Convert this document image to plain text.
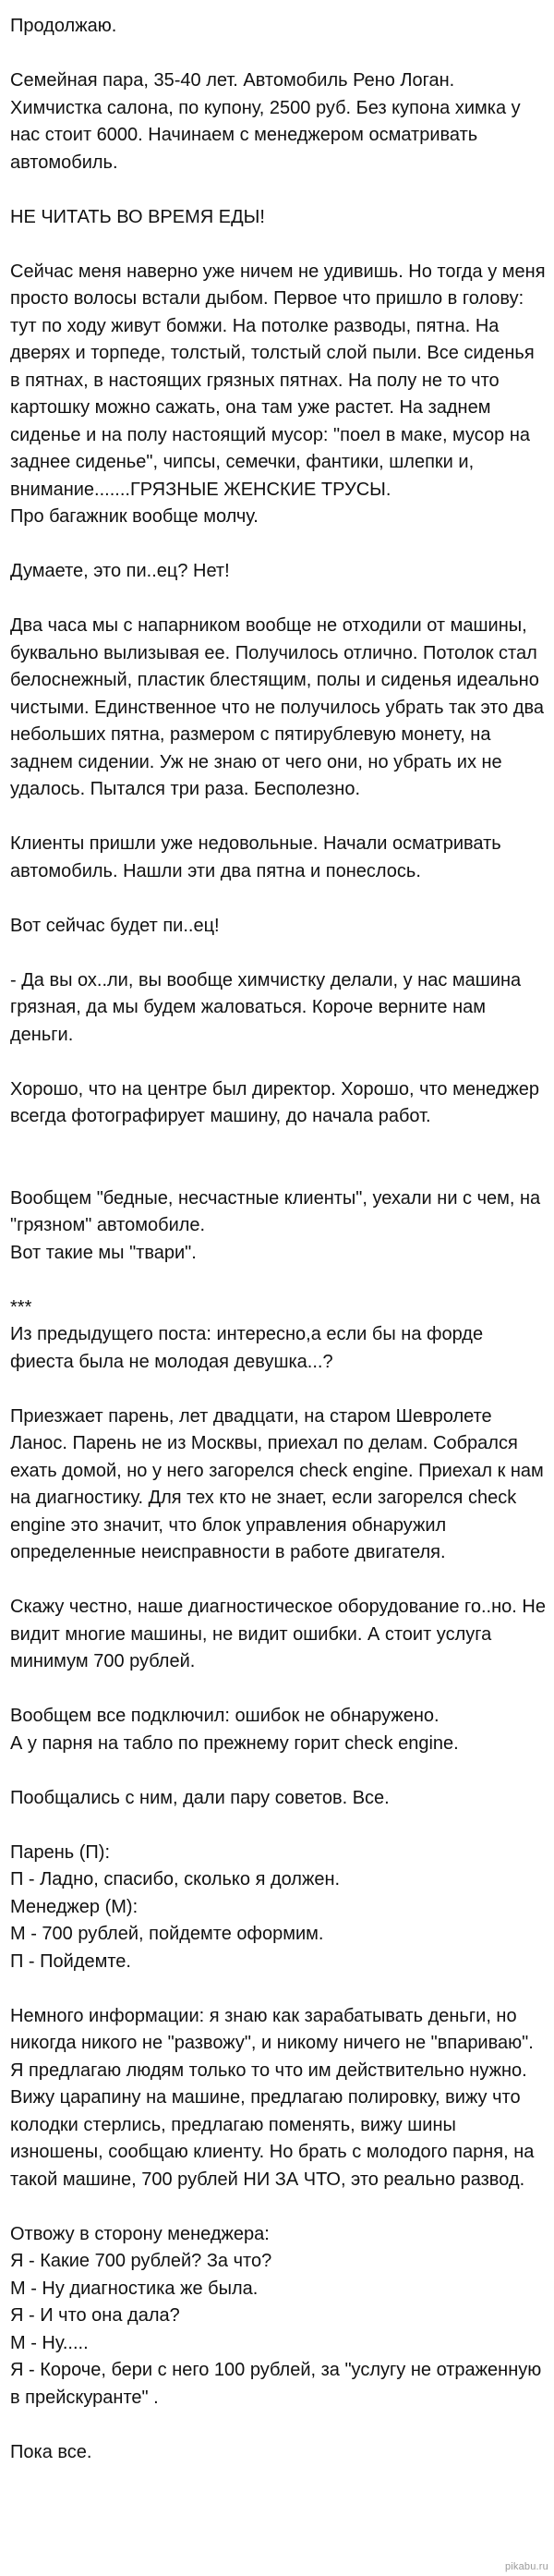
Продолжаю.
Семейная пара, 35-40 лет. Автомобиль Рено Логан. Химчистка салона, по купону, 2500 руб. Без купона химка у нас стоит 6000. Начинаем с менеджером осматривать автомобиль.
НЕ ЧИТАТЬ ВО ВРЕМЯ ЕДЫ!
Сейчас меня наверно уже ничем не удивишь. Но тогда у меня просто волосы встали дыбом. Первое что пришло в голову: тут по ходу живут бомжи. На потолке разводы, пятна. На дверях и торпеде, толстый, толстый слой пыли. Все сиденья в пятнах, в настоящих грязных пятнах. На полу не то что картошку можно сажать, она там уже растет. На заднем сиденье и на полу настоящий мусор: "поел в маке, мусор на заднее сиденье", чипсы, семечки, фантики, шлепки и, внимание.......ГРЯЗНЫЕ ЖЕНСКИЕ ТРУСЫ.
Про багажник вообще молчу.
Думаете, это пи..ец? Нет!
Два часа мы с напарником вообще не отходили от машины, буквально вылизывая ее. Получилось отлично. Потолок стал белоснежный, пластик блестящим, полы и сиденья идеально чистыми. Единственное что не получилось убрать так это два небольших пятна, размером с пятирублевую монету, на заднем сидении. Уж не знаю от чего они, но убрать их не удалось. Пытался три раза. Бесполезно.
Клиенты пришли уже недовольные. Начали осматривать автомобиль. Нашли эти два пятна и понеслось.
Вот сейчас будет пи..ец!
- Да вы ох..ли, вы вообще химчистку делали, у нас машина грязная, да мы будем жаловаться. Короче верните нам деньги.
Хорошо, что на центре был директор. Хорошо, что менеджер всегда фотографирует машину, до начала работ.
Вообщем "бедные, несчастные клиенты", уехали ни с чем, на "грязном" автомобиле.
Вот такие мы "твари".
***
Из предыдущего поста: интересно,а если бы на форде фиеста была не молодая девушка...?
Приезжает парень, лет двадцати, на старом Шевролете Ланос. Парень не из Москвы, приехал по делам. Собрался ехать домой, но у него загорелся check engine. Приехал к нам на диагностику. Для тех кто не знает, если загорелся check engine это значит, что блок управления обнаружил определенные неисправности в работе двигателя.
Скажу честно, наше диагностическое оборудование го..но. Не видит многие машины, не видит ошибки. А стоит услуга минимум 700 рублей.
Вообщем все подключил: ошибок не обнаружено.
А у парня на табло по прежнему горит check engine.
Пообщались с ним, дали пару советов. Все.
Парень (П):
П - Ладно, спасибо, сколько я должен.
Менеджер (М):
М - 700 рублей, пойдемте оформим.
П - Пойдемте.
Немного информации: я знаю как зарабатывать деньги, но никогда никого не "развожу", и никому ничего не "впариваю". Я предлагаю людям только то что им действительно нужно. Вижу царапину на машине, предлагаю полировку, вижу что колодки стерлись, предлагаю поменять, вижу шины изношены, сообщаю клиенту. Но брать с молодого парня, на такой машине, 700 рублей НИ ЗА ЧТО, это реально развод.
Отвожу в сторону менеджера:
Я - Какие 700 рублей? За что?
М - Ну диагностика же была.
Я - И что она дала?
М - Ну.....
Я - Короче, бери с него 100 рублей, за "услугу не отраженную в прейскуранте" .
Пока все.
pikabu.ru
